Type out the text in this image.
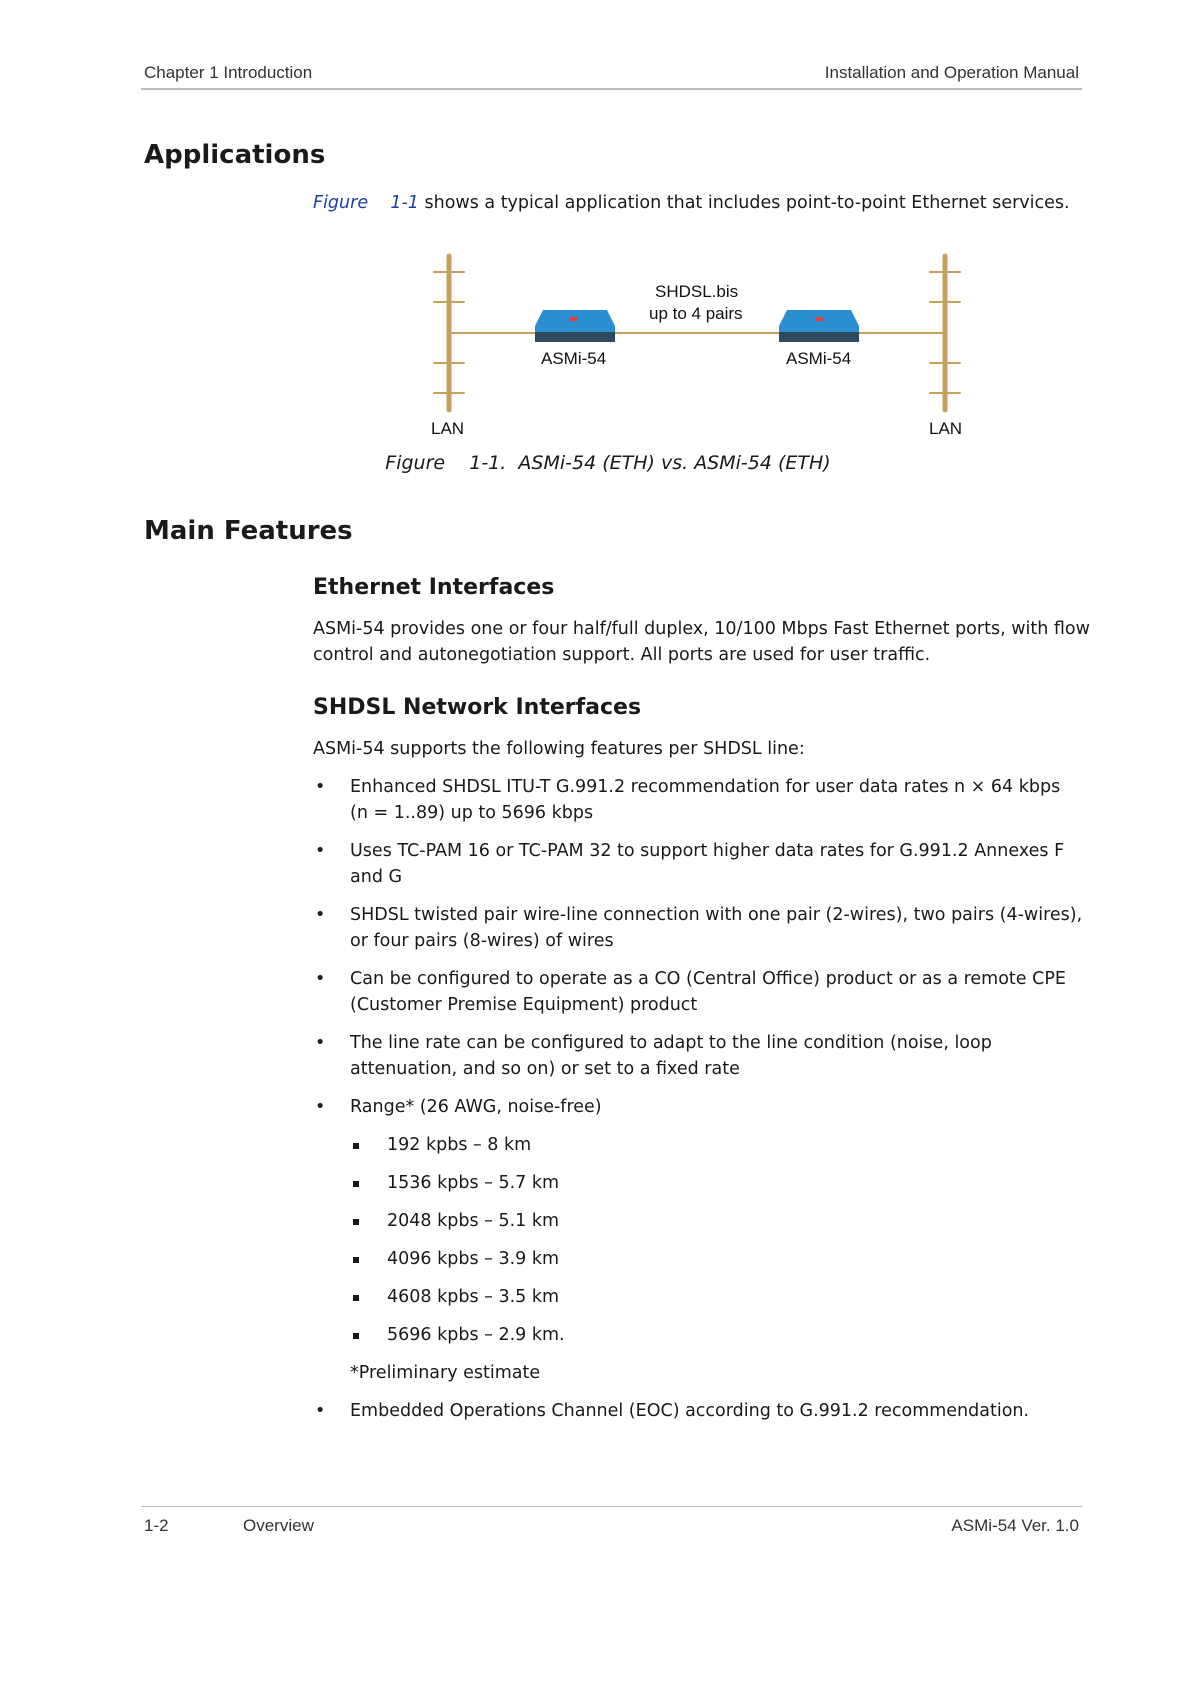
Chapter 1 Introduction	Installation and Operation Manual
Applications
Figure    1-1 shows a typical application that includes point-to-point Ethernet services.
SHDSL.bis
up to 4 pairs
ASMi-54	ASMi-54
LAN	LAN
Figure    1-1.  ASMi-54 (ETH) vs. ASMi-54 (ETH)
Main Features
Ethernet Interfaces
ASMi-54 provides one or four half/full duplex, 10/100 Mbps Fast Ethernet ports, with flow control and autonegotiation support. All ports are used for user traffic.
SHDSL Network Interfaces
ASMi-54 supports the following features per SHDSL line:
• Enhanced SHDSL ITU-T G.991.2 recommendation for user data rates n × 64 kbps (n = 1..89) up to 5696 kbps
• Uses TC-PAM 16 or TC-PAM 32 to support higher data rates for G.991.2 Annexes F and G
• SHDSL twisted pair wire-line connection with one pair (2-wires), two pairs (4-wires), or four pairs (8-wires) of wires
• Can be configured to operate as a CO (Central Office) product or as a remote CPE (Customer Premise Equipment) product
• The line rate can be configured to adapt to the line condition (noise, loop attenuation, and so on) or set to a fixed rate
• Range* (26 AWG, noise-free)
192 kpbs – 8 km
1536 kpbs – 5.7 km
2048 kpbs – 5.1 km
4096 kpbs – 3.9 km
4608 kpbs – 3.5 km
5696 kpbs – 2.9 km.
*Preliminary estimate
• Embedded Operations Channel (EOC) according to G.991.2 recommendation.
1-2	Overview	ASMi-54 Ver. 1.0
